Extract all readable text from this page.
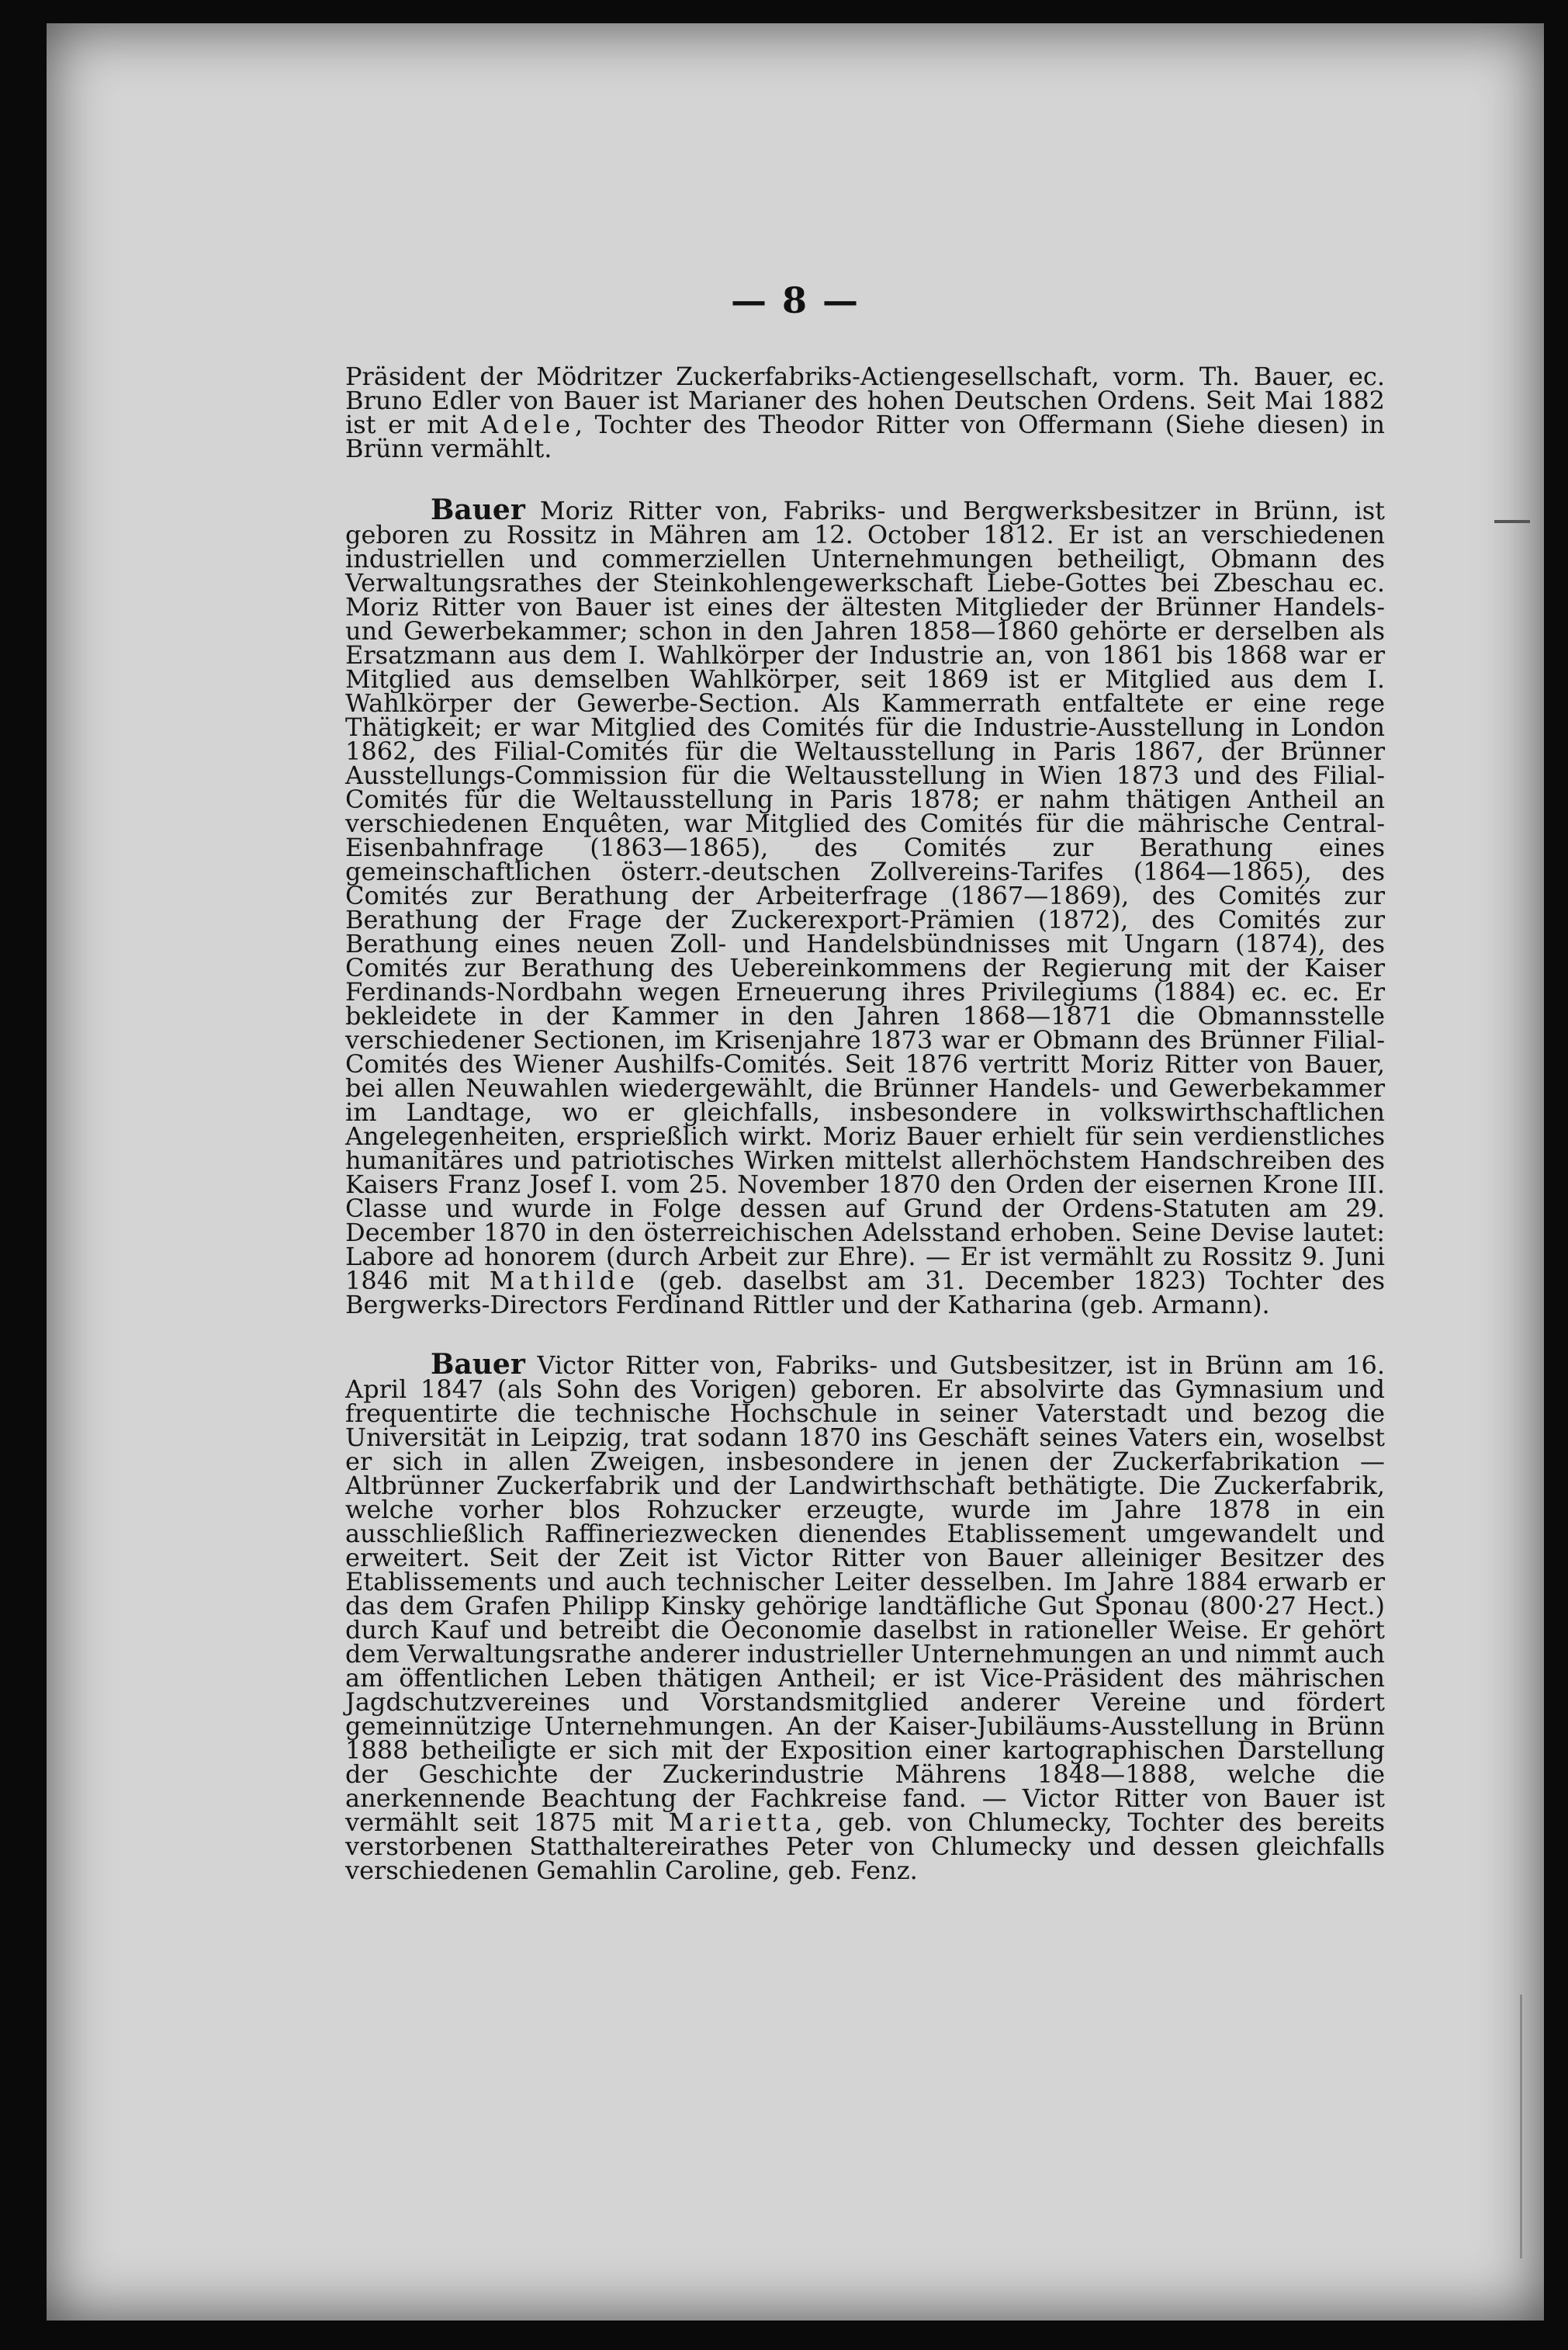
— 8 —

Präsident der Mödritzer Zuckerfabriks-Actiengesellschaft, vorm. Th. Bauer, ec. Bruno Edler von Bauer ist Marianer des hohen Deutschen Ordens. Seit Mai 1882 ist er mit Adele, Tochter des Theodor Ritter von Offermann (Siehe diesen) in Brünn vermählt.

Bauer Moriz Ritter von, Fabriks- und Bergwerksbesitzer in Brünn, ist geboren zu Rossitz in Mähren am 12. October 1812. Er ist an verschiedenen industriellen und commerziellen Unternehmungen betheiligt, Obmann des Verwaltungsrathes der Steinkohlengewerkschaft Liebe-Gottes bei Zbeschau ec. Moriz Ritter von Bauer ist eines der ältesten Mitglieder der Brünner Handels- und Gewerbekammer; schon in den Jahren 1858—1860 gehörte er derselben als Ersatzmann aus dem I. Wahlkörper der Industrie an, von 1861 bis 1868 war er Mitglied aus demselben Wahlkörper, seit 1869 ist er Mitglied aus dem I. Wahlkörper der Gewerbe-Section. Als Kammerrath entfaltete er eine rege Thätigkeit; er war Mitglied des Comités für die Industrie-Ausstellung in London 1862, des Filial-Comités für die Weltausstellung in Paris 1867, der Brünner Ausstellungs-Commission für die Weltausstellung in Wien 1873 und des Filial-Comités für die Weltausstellung in Paris 1878; er nahm thätigen Antheil an verschiedenen Enquêten, war Mitglied des Comités für die mährische Central-Eisenbahnfrage (1863—1865), des Comités zur Berathung eines gemeinschaftlichen österr.-deutschen Zollvereins-Tarifes (1864—1865), des Comités zur Berathung der Arbeiterfrage (1867—1869), des Comités zur Berathung der Frage der Zuckerexport-Prämien (1872), des Comités zur Berathung eines neuen Zoll- und Handelsbündnisses mit Ungarn (1874), des Comités zur Berathung des Uebereinkommens der Regierung mit der Kaiser Ferdinands-Nordbahn wegen Erneuerung ihres Privilegiums (1884) ec. ec. Er bekleidete in der Kammer in den Jahren 1868—1871 die Obmannsstelle verschiedener Sectionen, im Krisenjahre 1873 war er Obmann des Brünner Filial-Comités des Wiener Aushilfs-Comités. Seit 1876 vertritt Moriz Ritter von Bauer, bei allen Neuwahlen wiedergewählt, die Brünner Handels- und Gewerbekammer im Landtage, wo er gleichfalls, insbesondere in volkswirthschaftlichen Angelegenheiten, ersprießlich wirkt. Moriz Bauer erhielt für sein verdienstliches humanitäres und patriotisches Wirken mittelst allerhöchstem Handschreiben des Kaisers Franz Josef I. vom 25. November 1870 den Orden der eisernen Krone III. Classe und wurde in Folge dessen auf Grund der Ordens-Statuten am 29. December 1870 in den österreichischen Adelsstand erhoben. Seine Devise lautet: Labore ad honorem (durch Arbeit zur Ehre). — Er ist vermählt zu Rossitz 9. Juni 1846 mit Mathilde (geb. daselbst am 31. December 1823) Tochter des Bergwerks-Directors Ferdinand Rittler und der Katharina (geb. Armann).

Bauer Victor Ritter von, Fabriks- und Gutsbesitzer, ist in Brünn am 16. April 1847 (als Sohn des Vorigen) geboren. Er absolvirte das Gymnasium und frequentirte die technische Hochschule in seiner Vaterstadt und bezog die Universität in Leipzig, trat sodann 1870 ins Geschäft seines Vaters ein, woselbst er sich in allen Zweigen, insbesondere in jenen der Zuckerfabrikation — Altbrünner Zuckerfabrik und der Landwirthschaft bethätigte. Die Zuckerfabrik, welche vorher blos Rohzucker erzeugte, wurde im Jahre 1878 in ein ausschließlich Raffineriezwecken dienendes Etablissement umgewandelt und erweitert. Seit der Zeit ist Victor Ritter von Bauer alleiniger Besitzer des Etablissements und auch technischer Leiter desselben. Im Jahre 1884 erwarb er das dem Grafen Philipp Kinsky gehörige landtäfliche Gut Sponau (800·27 Hect.) durch Kauf und betreibt die Oeconomie daselbst in rationeller Weise. Er gehört dem Verwaltungsrathe anderer industrieller Unternehmungen an und nimmt auch am öffentlichen Leben thätigen Antheil; er ist Vice-Präsident des mährischen Jagdschutzvereines und Vorstandsmitglied anderer Vereine und fördert gemeinnützige Unternehmungen. An der Kaiser-Jubiläums-Ausstellung in Brünn 1888 betheiligte er sich mit der Exposition einer kartographischen Darstellung der Geschichte der Zuckerindustrie Mährens 1848—1888, welche die anerkennende Beachtung der Fachkreise fand. — Victor Ritter von Bauer ist vermählt seit 1875 mit Marietta, geb. von Chlumecky, Tochter des bereits verstorbenen Statthaltereirathes Peter von Chlumecky und dessen gleichfalls verschiedenen Gemahlin Caroline, geb. Fenz.
